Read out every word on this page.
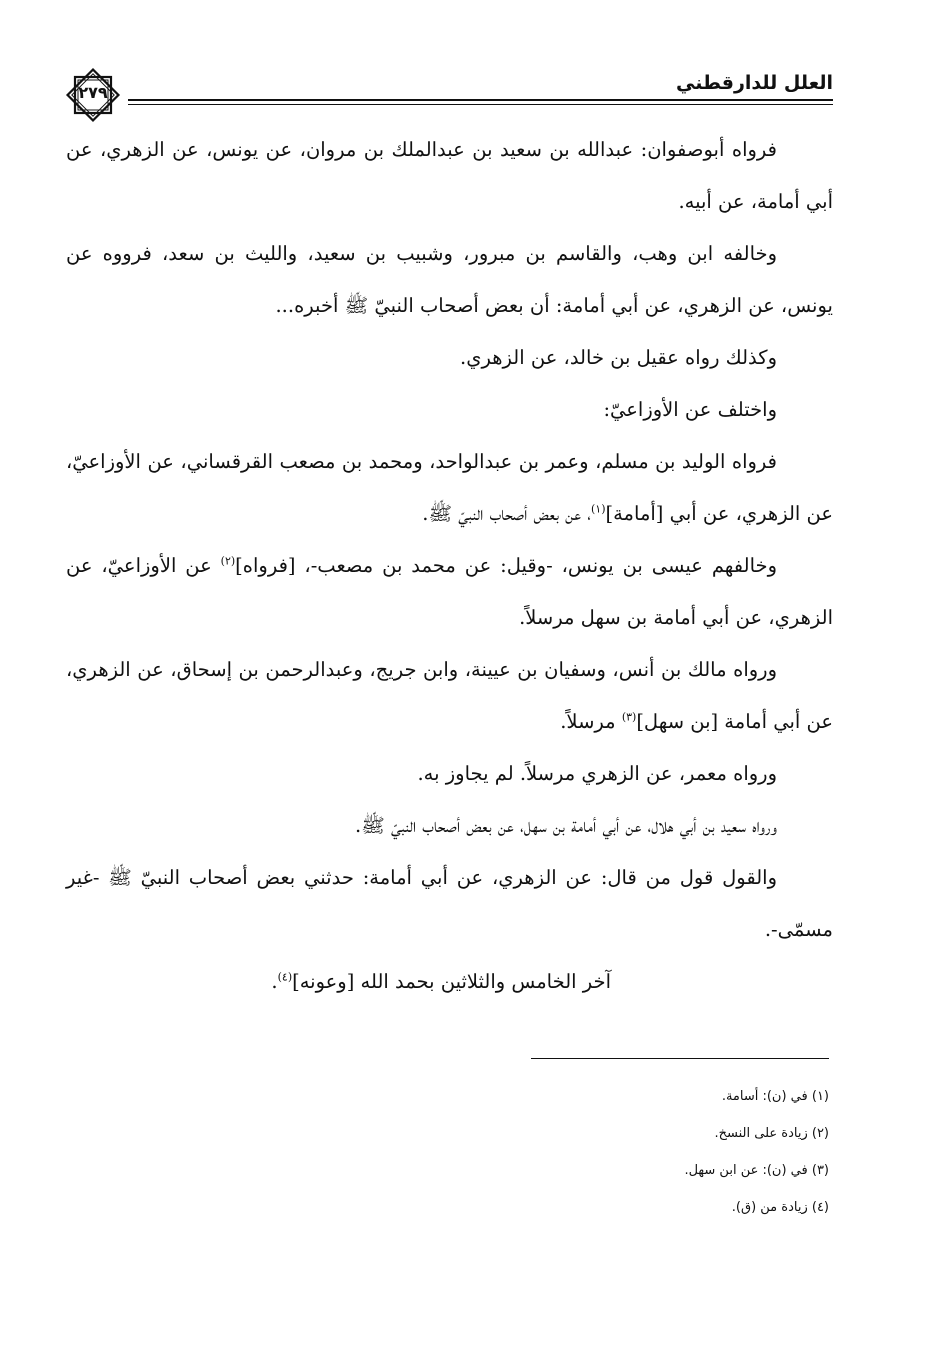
العلل للدارقطني
٢٧٩

فرواه أبوصفوان: عبدالله بن سعيد بن عبدالملك بن مروان، عن يونس، عن الزهري، عن أبي أمامة، عن أبيه.

وخالفه ابن وهب، والقاسم بن مبرور، وشبيب بن سعيد، والليث بن سعد، فرووه عن يونس، عن الزهري، عن أبي أمامة: أن بعض أصحاب النبيّ ﷺ أخبره...

وكذلك رواه عقيل بن خالد، عن الزهري.

واختلف عن الأوزاعيّ:

فرواه الوليد بن مسلم، وعمر بن عبدالواحد، ومحمد بن مصعب القرقساني، عن الأوزاعيّ، عن الزهري، عن أبي [أمامة]$^{(١)}$، عن بعض أصحاب النبيّ ﷺ.

وخالفهم عيسى بن يونس، -وقيل: عن محمد بن مصعب-، [فرواه]$^{(٢)}$ عن الأوزاعيّ، عن الزهري، عن أبي أمامة بن سهل مرسلاً.

ورواه مالك بن أنس، وسفيان بن عيينة، وابن جريج، وعبدالرحمن بن إسحاق، عن الزهري، عن أبي أمامة [بن سهل]$^{(٣)}$ مرسلاً.

ورواه معمر، عن الزهري مرسلاً. لم يجاوز به.

ورواه سعيد بن أبي هلال، عن أبي أمامة بن سهل، عن بعض أصحاب النبيّ ﷺ.

والقول قول من قال: عن الزهري، عن أبي أمامة: حدثني بعض أصحاب النبيّ ﷺ -غير مسمّى-.

آخر الخامس والثلاثين بحمد الله [وعونه]$^{(٤)}$.

(١) في (ن): أسامة.

(٢) زيادة على النسخ.

(٣) في (ن): عن ابن سهل.

(٤) زيادة من (ق).
